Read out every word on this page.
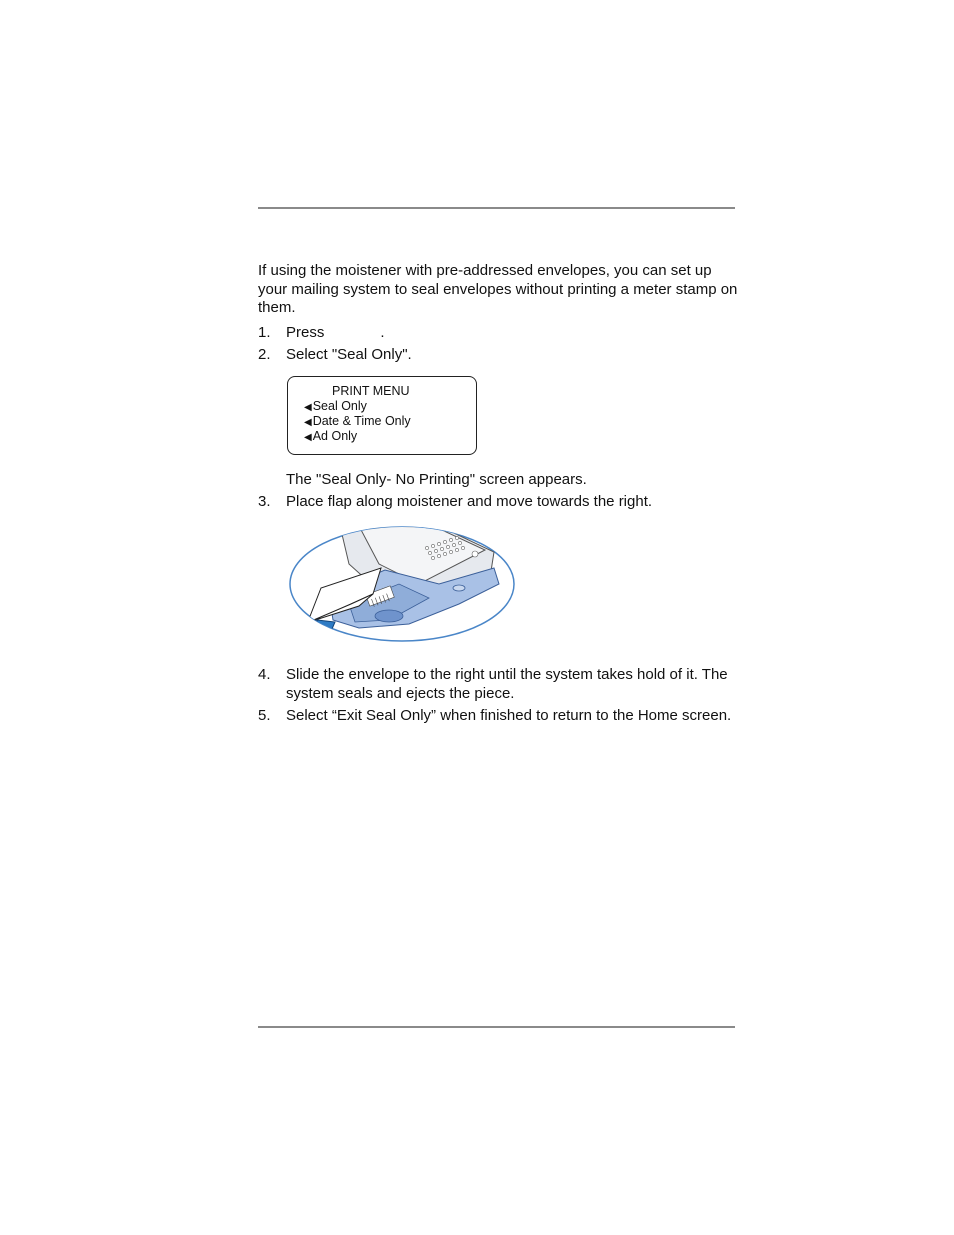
If using the moistener with pre-addressed envelopes, you can set up your mailing system to seal envelopes without printing a meter stamp on them.

1. Press	.
2. Select "Seal Only".
PRINT MENU
◀Seal Only
◀Date & Time Only
◀Ad Only
The "Seal Only- No Printing" screen appears.
3. Place flap along moistener and move towards the right.
4. Slide the envelope to the right until the system takes hold of it. The system seals and ejects the piece.
5. Select “Exit Seal Only” when finished to return to the Home screen.
